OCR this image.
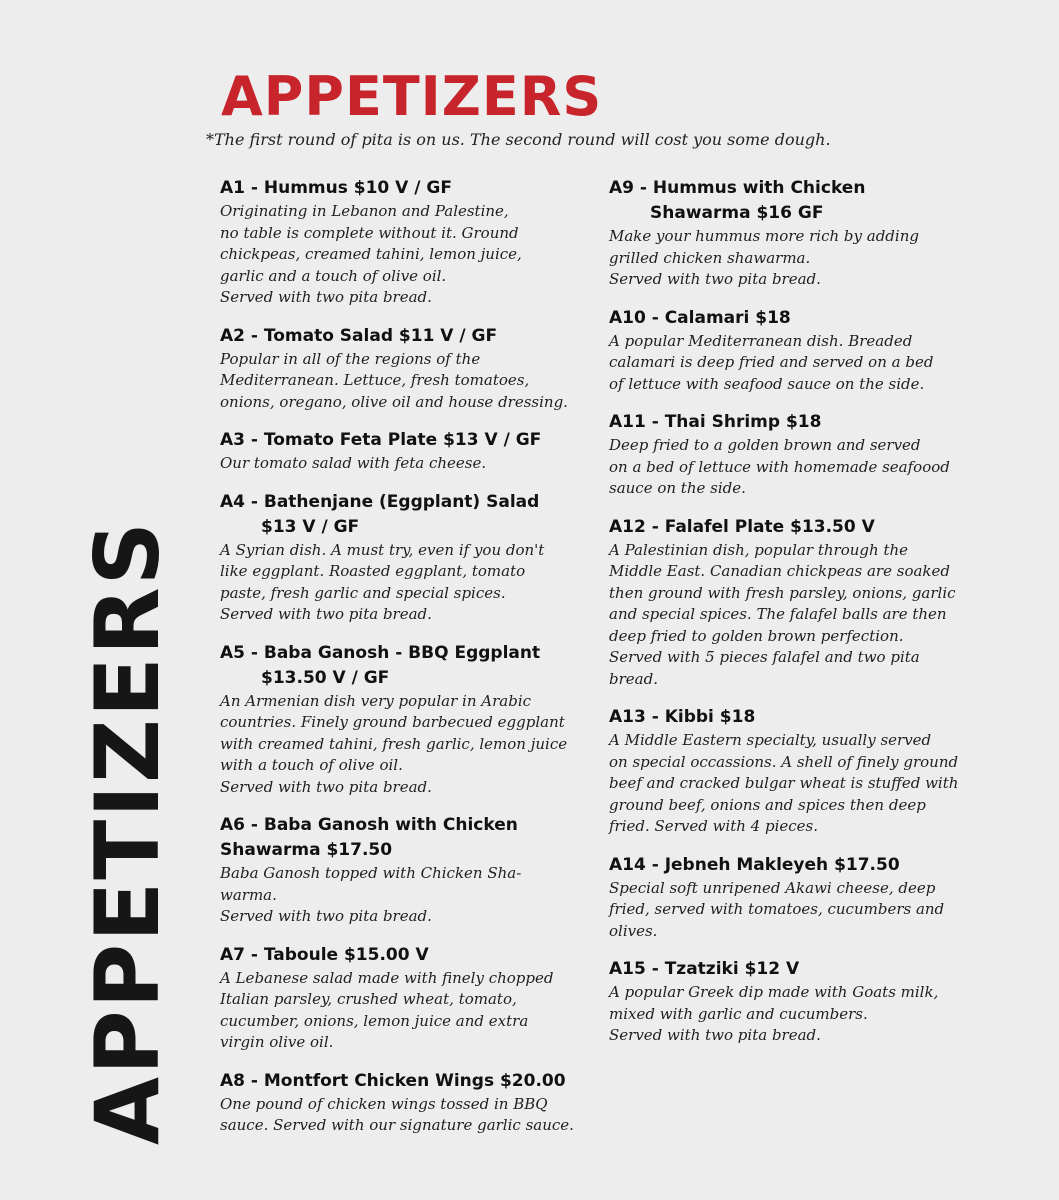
APPETIZERS
*The first round of pita is on us. The second round will cost you some dough.
APPETIZERS
A1 - Hummus $10 V / GF
Originating in Lebanon and Palestine,
no table is complete without it. Ground
chickpeas, creamed tahini, lemon juice,
garlic and a touch of olive oil.
Served with two pita bread.
A2 - Tomato Salad $11 V / GF
Popular in all of the regions of the
Mediterranean. Lettuce, fresh tomatoes,
onions, oregano, olive oil and house dressing.
A3 - Tomato Feta Plate $13 V / GF
Our tomato salad with feta cheese.
A4 - Bathenjane (Eggplant) Salad
$13 V / GF
A Syrian dish. A must try, even if you don't
like eggplant. Roasted eggplant, tomato
paste, fresh garlic and special spices.
Served with two pita bread.
A5 - Baba Ganosh - BBQ Eggplant
$13.50 V / GF
An Armenian dish very popular in Arabic
countries. Finely ground barbecued eggplant
with creamed tahini, fresh garlic, lemon juice
with a touch of olive oil.
Served with two pita bread.
A6 - Baba Ganosh with Chicken
Shawarma $17.50
Baba Ganosh topped with Chicken Sha-
warma.
Served with two pita bread.
A7 - Taboule $15.00 V
A Lebanese salad made with finely chopped
Italian parsley, crushed wheat, tomato,
cucumber, onions, lemon juice and extra
virgin olive oil.
A8 - Montfort Chicken Wings $20.00
One pound of chicken wings tossed in BBQ
sauce. Served with our signature garlic sauce.
A9 - Hummus with Chicken
Shawarma $16 GF
Make your hummus more rich by adding
grilled chicken shawarma.
Served with two pita bread.
A10 - Calamari $18
A popular Mediterranean dish. Breaded
calamari is deep fried and served on a bed
of lettuce with seafood sauce on the side.
A11 - Thai Shrimp $18
Deep fried to a golden brown and served
on a bed of lettuce with homemade seafoood
sauce on the side.
A12 - Falafel Plate $13.50 V
A Palestinian dish, popular through the
Middle East. Canadian chickpeas are soaked
then ground with fresh parsley, onions, garlic
and special spices. The falafel balls are then
deep fried to golden brown perfection.
Served with 5 pieces falafel and two pita
bread.
A13 - Kibbi $18
A Middle Eastern specialty, usually served
on special occassions. A shell of finely ground
beef and cracked bulgar wheat is stuffed with
ground beef, onions and spices then deep
fried. Served with 4 pieces.
A14 - Jebneh Makleyeh $17.50
Special soft unripened Akawi cheese, deep
fried, served with tomatoes, cucumbers and
olives.
A15 - Tzatziki $12 V
A popular Greek dip made with Goats milk,
mixed with garlic and cucumbers.
Served with two pita bread.
